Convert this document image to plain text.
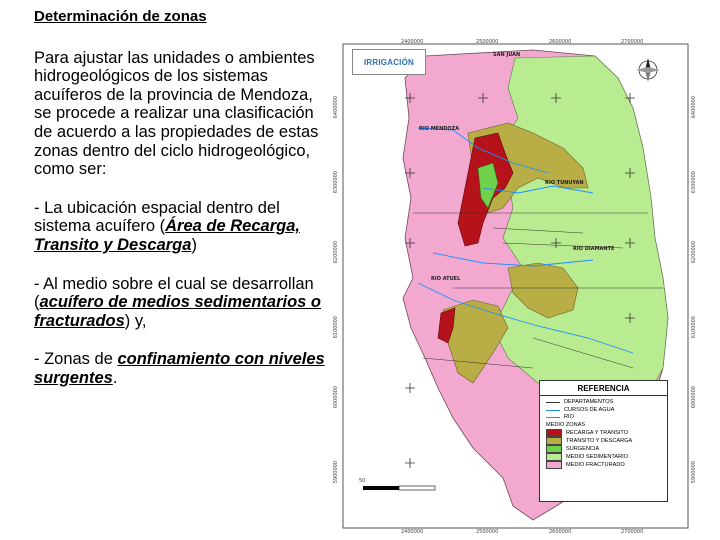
Determinación de zonas

Para ajustar las unidades o ambientes hidrogeológicos de los sistemas acuíferos de la provincia de Mendoza, se procede a realizar una clasificación de acuerdo a las propiedades de estas zonas dentro del ciclo hidrogeológico, como ser:

- La ubicación espacial dentro del sistema acuífero (Área de Recarga, Transito y Descarga)

- Al medio sobre el cual se desarrollan (acuífero de medios sedimentarios o fracturados) y,

- Zonas de confinamiento con niveles surgentes.

2400000	2500000	2600000	2700000
2400000	2500000	2600000	2700000
6400000
6300000
6200000
6100000
6000000
5900000
6400000
6300000
6200000
6100000
6000000
5900000
SAN JUAN
RIO MENDOZA
RIO TUNUYAN
RIO DIAMANTE
RIO ATUEL
50
IRRIGACIÓN
REFERENCIA
DEPARTAMENTOS
CURSOS DE AGUA
RIO
MEDIO ZONAS
RECARGA Y TRANSITO
TRANSITO Y DESCARGA
SURGENCIA
MEDIO SEDIMENTARIO
MEDIO FRACTURADO
